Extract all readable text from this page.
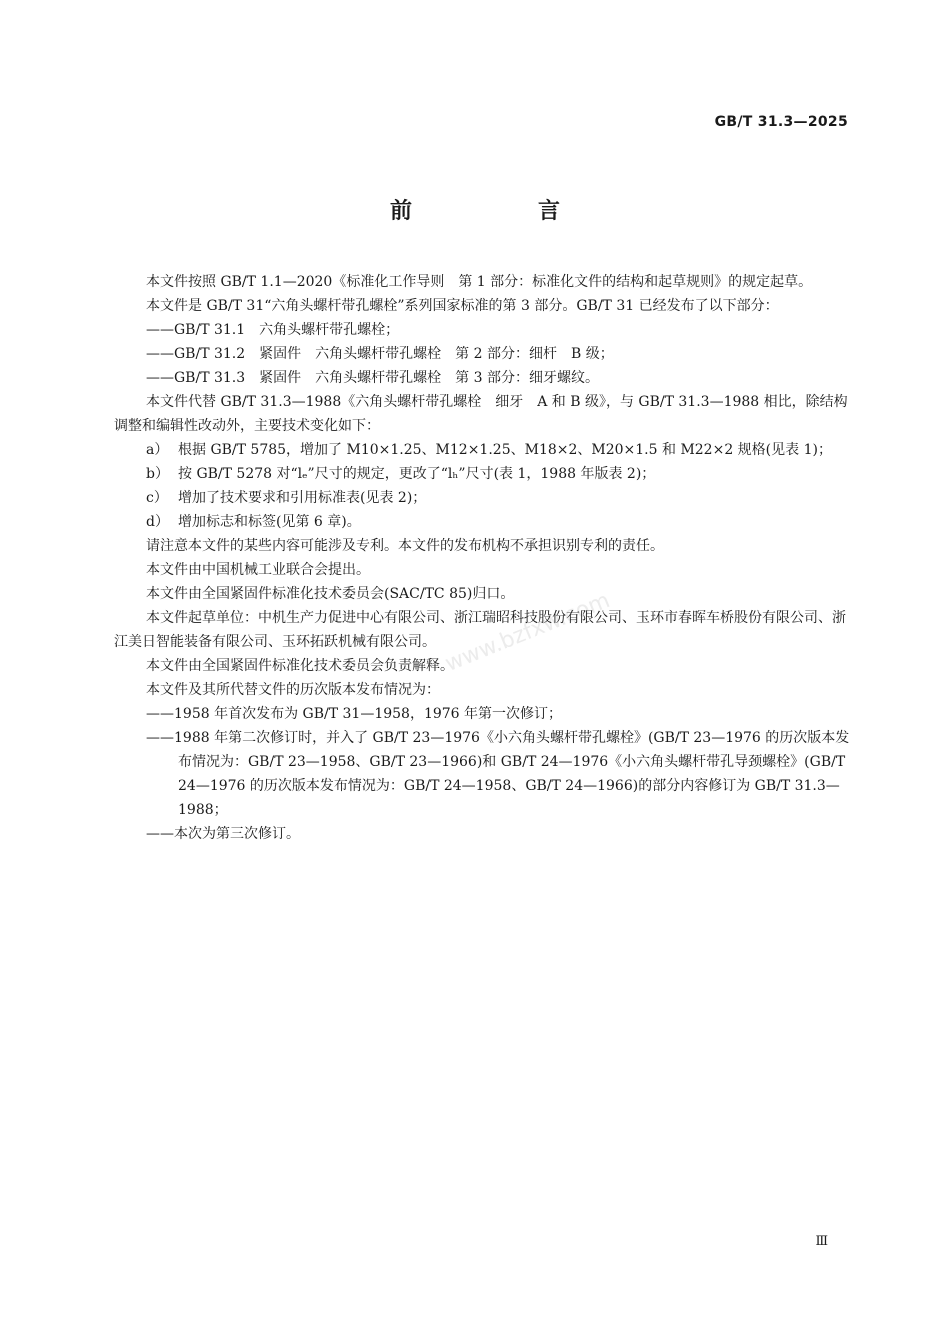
GB/T 31.3—2025
前　言
www.bzfxw.com

本文件按照 GB/T 1.1—2020《标准化工作导则　第 1 部分：标准化文件的结构和起草规则》的规定起草。

本文件是 GB/T 31“六角头螺杆带孔螺栓”系列国家标准的第 3 部分。GB/T 31 已经发布了以下部分：

——GB/T 31.1　六角头螺杆带孔螺栓；

——GB/T 31.2　紧固件　六角头螺杆带孔螺栓　第 2 部分：细杆　B 级；

——GB/T 31.3　紧固件　六角头螺杆带孔螺栓　第 3 部分：细牙螺纹。

本文件代替 GB/T 31.3—1988《六角头螺杆带孔螺栓　细牙　A 和 B 级》，与 GB/T 31.3—1988 相比，除结构调整和编辑性改动外，主要技术变化如下：

a） 根据 GB/T 5785，增加了 M10×1.25、M12×1.25、M18×2、M20×1.5 和 M22×2 规格(见表 1)；
b） 按 GB/T 5278 对“lₑ”尺寸的规定，更改了“lₕ”尺寸(表 1，1988 年版表 2)；
c） 增加了技术要求和引用标准表(见表 2)；
d） 增加标志和标签(见第 6 章)。

请注意本文件的某些内容可能涉及专利。本文件的发布机构不承担识别专利的责任。

本文件由中国机械工业联合会提出。

本文件由全国紧固件标准化技术委员会(SAC/TC 85)归口。

本文件起草单位：中机生产力促进中心有限公司、浙江瑞昭科技股份有限公司、玉环市春晖车桥股份有限公司、浙江美日智能装备有限公司、玉环拓跃机械有限公司。

本文件由全国紧固件标准化技术委员会负责解释。

本文件及其所代替文件的历次版本发布情况为：

——1958 年首次发布为 GB/T 31—1958，1976 年第一次修订；

——1988 年第二次修订时，并入了 GB/T 23—1976《小六角头螺杆带孔螺栓》(GB/T 23—1976 的历次版本发布情况为：GB/T 23—1958、GB/T 23—1966)和 GB/T 24—1976《小六角头螺杆带孔导颈螺栓》(GB/T 24—1976 的历次版本发布情况为：GB/T 24—1958、GB/T 24—1966)的部分内容修订为 GB/T 31.3—1988；

——本次为第三次修订。

Ⅲ
